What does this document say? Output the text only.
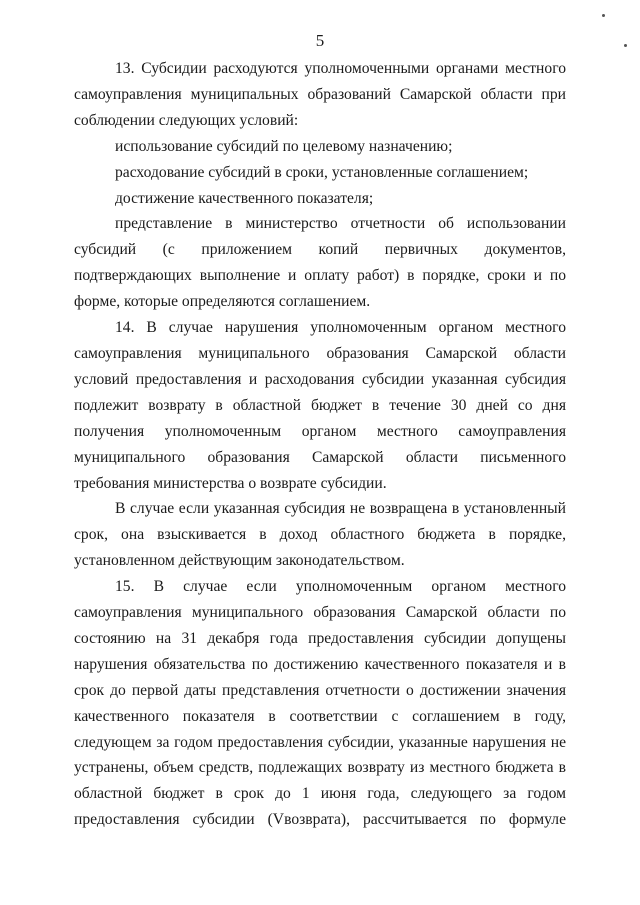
5

13. Субсидии расходуются уполномоченными органами местного самоуправления муниципальных образований Самарской области при соблюдении следующих условий:

использование субсидий по целевому назначению;

расходование субсидий в сроки, установленные соглашением;

достижение качественного показателя;

представление в министерство отчетности об использовании субсидий (с приложением копий первичных документов, подтверждающих выполнение и оплату работ) в порядке, сроки и по форме, которые определяются соглашением.

14. В случае нарушения уполномоченным органом местного самоуправления муниципального образования Самарской области условий предоставления и расходования субсидии указанная субсидия подлежит возврату в областной бюджет в течение 30 дней со дня получения уполномоченным органом местного самоуправления муниципального образования Самарской области письменного требования министерства о возврате субсидии.

В случае если указанная субсидия не возвращена в установленный срок, она взыскивается в доход областного бюджета в порядке, установленном действующим законодательством.

15. В случае если уполномоченным органом местного самоуправления муниципального образования Самарской области по состоянию на 31 декабря года предоставления субсидии допущены нарушения обязательства по достижению качественного показателя и в срок до первой даты представления отчетности о достижении значения качественного показателя в соответствии с соглашением в году, следующем за годом предоставления субсидии, указанные нарушения не устранены, объем средств, подлежащих возврату из местного бюджета в областной бюджет в срок до 1 июня года, следующего за годом предоставления субсидии (Vвозврата), рассчитывается по формуле
